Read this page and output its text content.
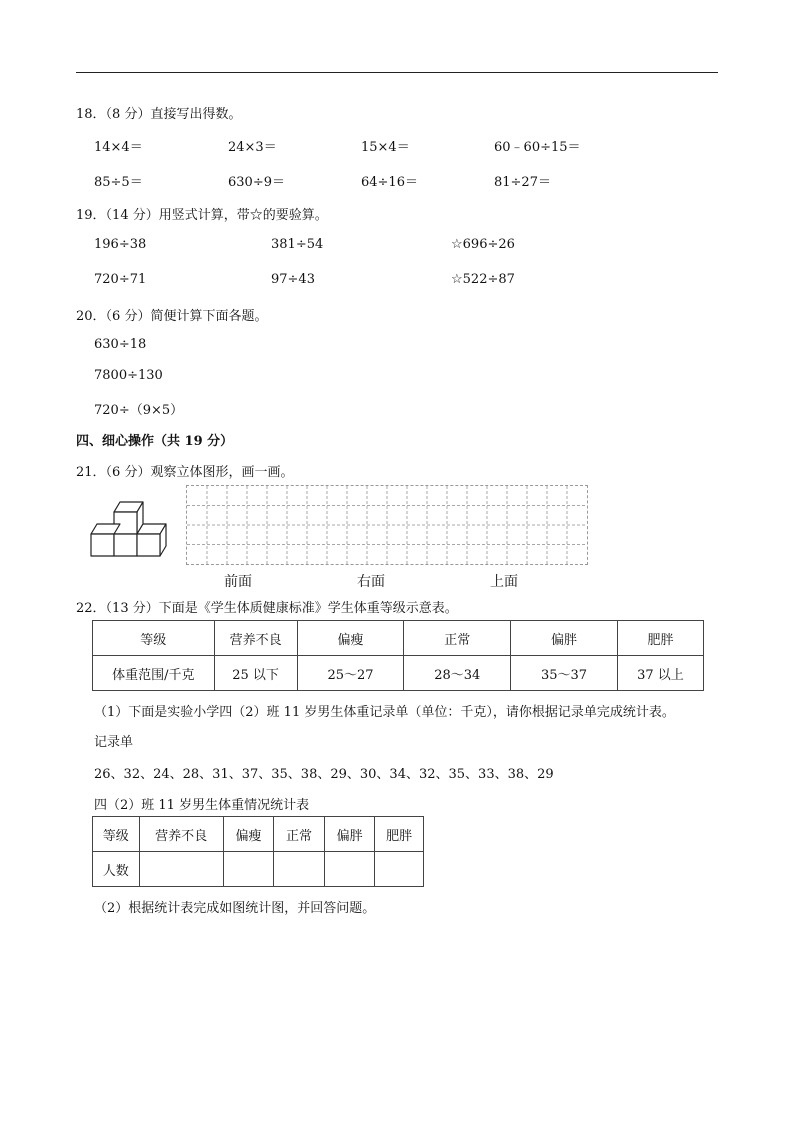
18．（8 分）直接写出得数。
14×4＝	24×3＝	15×4＝	60﹣60÷15＝
85÷5＝	630÷9＝	64÷16＝	81÷27＝
19．（14 分）用竖式计算，带☆的要验算。
196÷38	381÷54	☆696÷26
720÷71	97÷43	☆522÷87
20．（6 分）简便计算下面各题。
630÷18
7800÷130
720÷（9×5）
四、细心操作（共 19 分）
21．（6 分）观察立体图形，画一画。
前面	右面	上面
22．（13 分）下面是《学生体质健康标准》学生体重等级示意表。
等级	营养不良	偏瘦	正常	偏胖	肥胖
体重范围/千克	25 以下	25～27	28～34	35～37	37 以上
（1）下面是实验小学四（2）班 11 岁男生体重记录单（单位：千克），请你根据记录单完成统计表。
记录单
26、32、24、28、31、37、35、38、29、30、34、32、35、33、38、29
四（2）班 11 岁男生体重情况统计表
等级	营养不良	偏瘦	正常	偏胖	肥胖
人数					
（2）根据统计表完成如图统计图，并回答问题。
